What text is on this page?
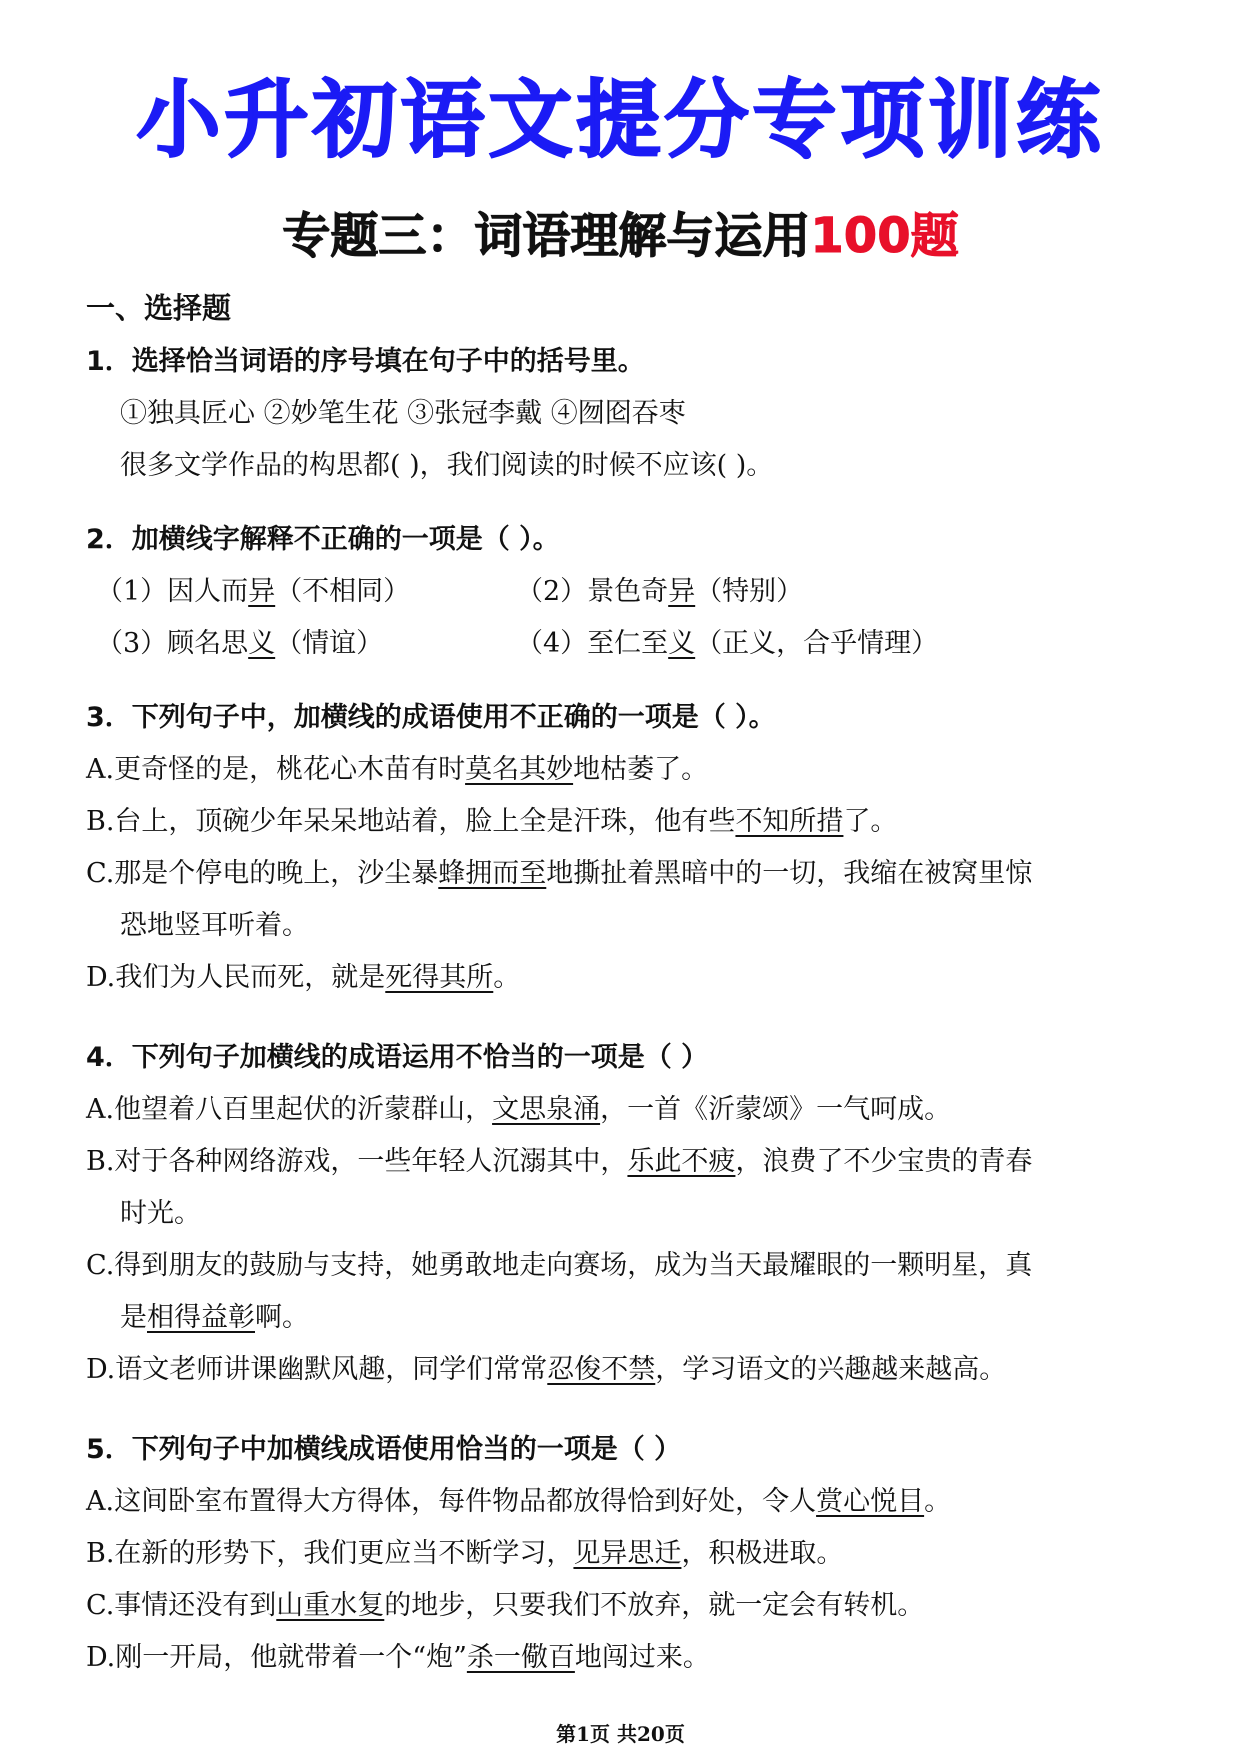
小升初语文提分专项训练
专题三：词语理解与运用100题
一、选择题
1．选择恰当词语的序号填在句子中的括号里。
①独具匠心 ②妙笔生花 ③张冠李戴 ④囫囵吞枣
很多文学作品的构思都( )，我们阅读的时候不应该( )。
2．加横线字解释不正确的一项是（ ）。
（1）因人而异（不相同）	（2）景色奇异（特别）
（3）顾名思义（情谊）	（4）至仁至义（正义，合乎情理）
3．下列句子中，加横线的成语使用不正确的一项是（ ）。
A.更奇怪的是，桃花心木苗有时莫名其妙地枯萎了。
B.台上，顶碗少年呆呆地站着，脸上全是汗珠，他有些不知所措了。
C.那是个停电的晚上，沙尘暴蜂拥而至地撕扯着黑暗中的一切，我缩在被窝里惊
恐地竖耳听着。
D.我们为人民而死，就是死得其所。
4．下列句子加横线的成语运用不恰当的一项是（ ）
A.他望着八百里起伏的沂蒙群山，文思泉涌，一首《沂蒙颂》一气呵成。
B.对于各种网络游戏，一些年轻人沉溺其中，乐此不疲，浪费了不少宝贵的青春
时光。
C.得到朋友的鼓励与支持，她勇敢地走向赛场，成为当天最耀眼的一颗明星，真
是相得益彰啊。
D.语文老师讲课幽默风趣，同学们常常忍俊不禁，学习语文的兴趣越来越高。
5．下列句子中加横线成语使用恰当的一项是（ ）
A.这间卧室布置得大方得体，每件物品都放得恰到好处，令人赏心悦目。
B.在新的形势下，我们更应当不断学习，见异思迁，积极进取。
C.事情还没有到山重水复的地步，只要我们不放弃，就一定会有转机。
D.刚一开局，他就带着一个“炮”杀一儆百地闯过来。
第1页 共20页
